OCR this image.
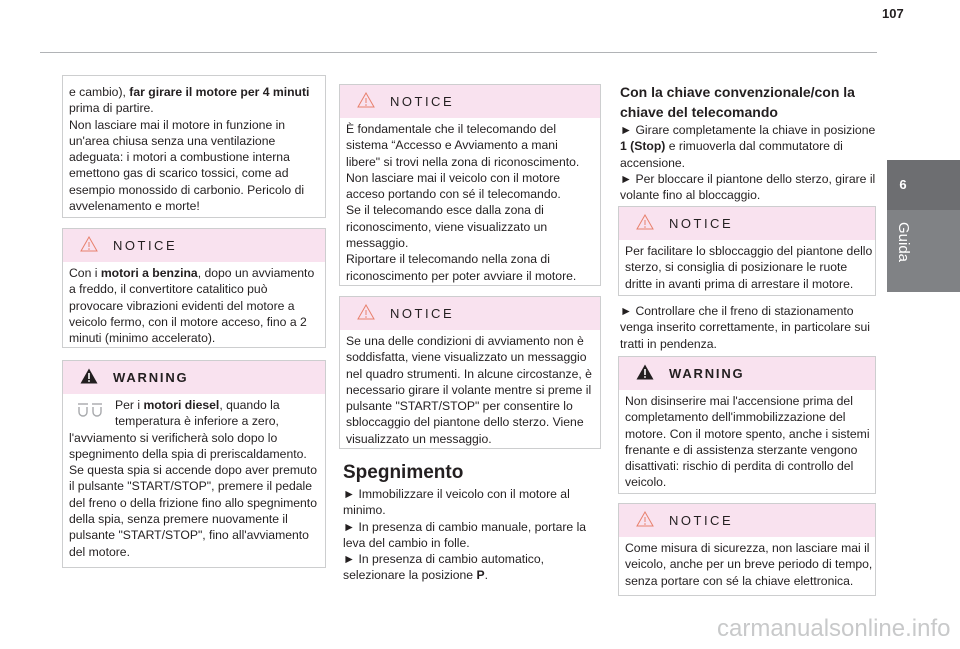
107
6
Guida
e cambio), far girare il motore per 4 minuti
prima di partire.
Non lasciare mai il motore in funzione in
un'area chiusa senza una ventilazione
adeguata: i motori a combustione interna
emettono gas di scarico tossici, come ad
esempio monossido di carbonio. Pericolo di
avvelenamento e morte!
NOTICE
Con i motori a benzina, dopo un avviamento
a freddo, il convertitore catalitico può
provocare vibrazioni evidenti del motore a
veicolo fermo, con il motore acceso, fino a 2
minuti (minimo accelerato).
WARNING
Per i motori diesel, quando la
temperatura è inferiore a zero,
l'avviamento si verificherà solo dopo lo
spegnimento della spia di preriscaldamento.
Se questa spia si accende dopo aver premuto
il pulsante "START/STOP", premere il pedale
del freno o della frizione fino allo spegnimento
della spia, senza premere nuovamente il
pulsante "START/STOP", fino all'avviamento
del motore.
NOTICE
È fondamentale che il telecomando del
sistema “Accesso e Avviamento a mani
libere" si trovi nella zona di riconoscimento.
Non lasciare mai il veicolo con il motore
acceso portando con sé il telecomando.
Se il telecomando esce dalla zona di
riconoscimento, viene visualizzato un
messaggio.
Riportare il telecomando nella zona di
riconoscimento per poter avviare il motore.
NOTICE
Se una delle condizioni di avviamento non è
soddisfatta, viene visualizzato un messaggio
nel quadro strumenti. In alcune circostanze, è
necessario girare il volante mentre si preme il
pulsante "START/STOP" per consentire lo
sbloccaggio del piantone dello sterzo. Viene
visualizzato un messaggio.
Spegnimento
► Immobilizzare il veicolo con il motore al
minimo.
► In presenza di cambio manuale, portare la
leva del cambio in folle.
► In presenza di cambio automatico,
selezionare la posizione P.
Con la chiave convenzionale/con la
chiave del telecomando
► Girare completamente la chiave in posizione
1 (Stop) e rimuoverla dal commutatore di
accensione.
► Per bloccare il piantone dello sterzo, girare il
volante fino al bloccaggio.
NOTICE
Per facilitare lo sbloccaggio del piantone dello
sterzo, si consiglia di posizionare le ruote
dritte in avanti prima di arrestare il motore.
► Controllare che il freno di stazionamento
venga inserito correttamente, in particolare sui
tratti in pendenza.
WARNING
Non disinserire mai l'accensione prima del
completamento dell'immobilizzazione del
motore. Con il motore spento, anche i sistemi
frenante e di assistenza sterzante vengono
disattivati: rischio di perdita di controllo del
veicolo.
NOTICE
Come misura di sicurezza, non lasciare mai il
veicolo, anche per un breve periodo di tempo,
senza portare con sé la chiave elettronica.
carmanualsonline.info
